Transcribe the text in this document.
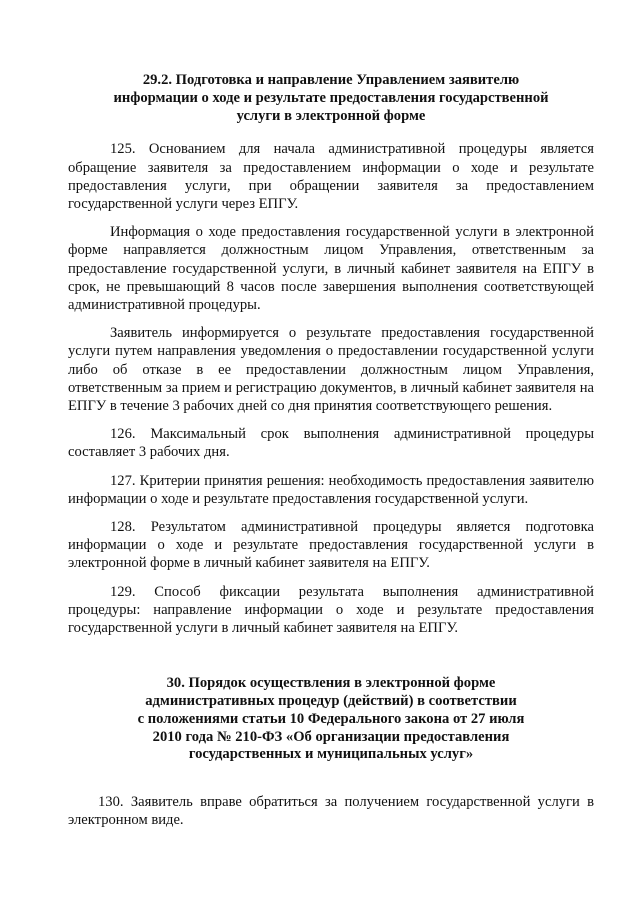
29.2. Подготовка и направление Управлением заявителю
информации о ходе и результате предоставления государственной
услуги в электронной форме

125. Основанием для начала административной процедуры является обращение заявителя за предоставлением информации о ходе и результате предоставления услуги, при обращении заявителя за предоставлением государственной услуги через ЕПГУ.

Информация о ходе предоставления государственной услуги в электронной форме направляется должностным лицом Управления, ответственным за предоставление государственной услуги, в личный кабинет заявителя на ЕПГУ в срок, не превышающий 8 часов после завершения выполнения соответствующей административной процедуры.

Заявитель информируется о результате предоставления государственной услуги путем направления уведомления о предоставлении государственной услуги либо об отказе в ее предоставлении должностным лицом Управления, ответственным за прием и регистрацию документов, в личный кабинет заявителя на ЕПГУ в течение 3 рабочих дней со дня принятия соответствующего решения.

126. Максимальный срок выполнения административной процедуры составляет 3 рабочих дня.

127. Критерии принятия решения: необходимость предоставления заявителю информации о ходе и результате предоставления государственной услуги.

128. Результатом административной процедуры является подготовка информации о ходе и результате предоставления государственной услуги в электронной форме в личный кабинет заявителя на ЕПГУ.

129. Способ фиксации результата выполнения административной процедуры: направление информации о ходе и результате предоставления государственной услуги в личный кабинет заявителя на ЕПГУ.

30. Порядок осуществления в электронной форме
административных процедур (действий) в соответствии
с положениями статьи 10 Федерального закона от 27 июля
2010 года № 210-ФЗ «Об организации предоставления
государственных и муниципальных услуг»

130. Заявитель вправе обратиться за получением государственной услуги в электронном виде.
